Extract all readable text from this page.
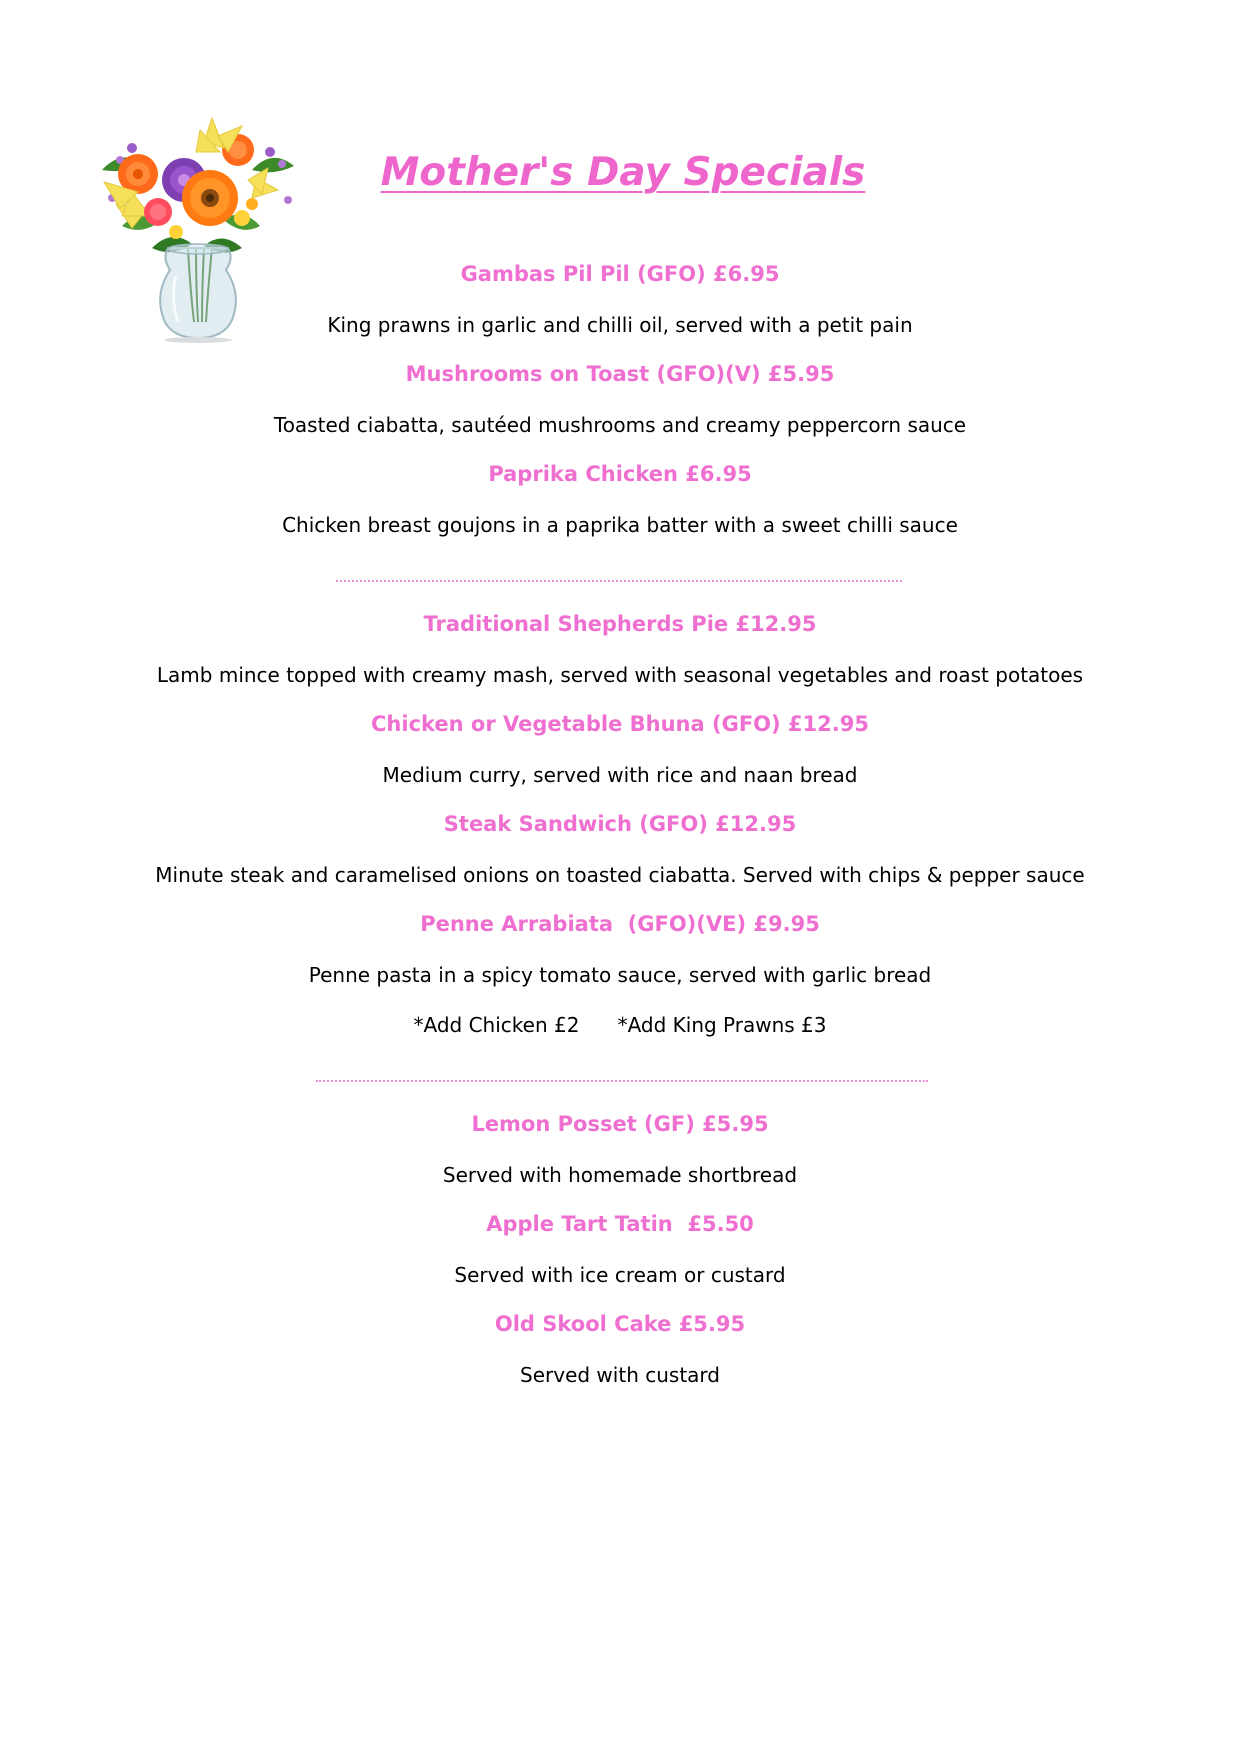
Mother's Day Specials
Gambas Pil Pil (GFO) £6.95
King prawns in garlic and chilli oil, served with a petit pain
Mushrooms on Toast (GFO)(V) £5.95
Toasted ciabatta, sautéed mushrooms and creamy peppercorn sauce
Paprika Chicken £6.95
Chicken breast goujons in a paprika batter with a sweet chilli sauce
Traditional Shepherds Pie £12.95
Lamb mince topped with creamy mash, served with seasonal vegetables and roast potatoes
Chicken or Vegetable Bhuna (GFO) £12.95
Medium curry, served with rice and naan bread
Steak Sandwich (GFO) £12.95
Minute steak and caramelised onions on toasted ciabatta. Served with chips & pepper sauce
Penne Arrabiata  (GFO)(VE) £9.95
Penne pasta in a spicy tomato sauce, served with garlic bread
*Add Chicken £2      *Add King Prawns £3
Lemon Posset (GF) £5.95
Served with homemade shortbread
Apple Tart Tatin  £5.50
Served with ice cream or custard
Old Skool Cake £5.95
Served with custard
